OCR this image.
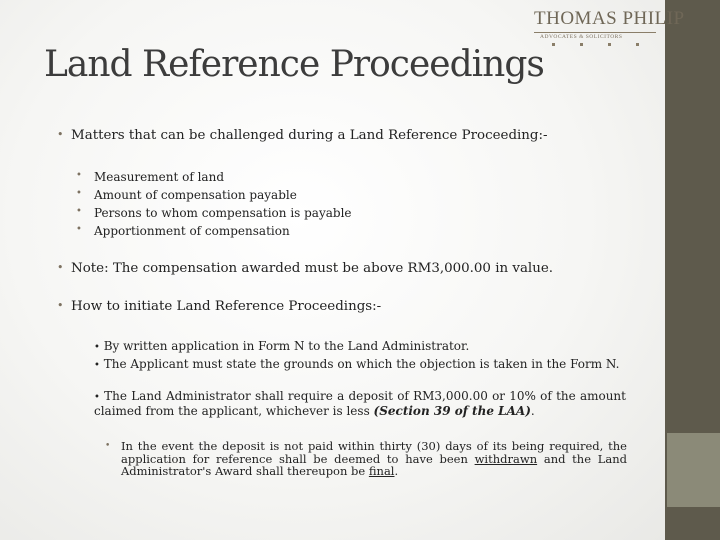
THOMAS PHILIP
ADVOCATES & SOLICITORS
Land Reference Proceedings
• Matters that can be challenged during a Land Reference Proceeding:-
• Measurement of land
• Amount of compensation payable
• Persons to whom compensation is payable
• Apportionment of compensation
• Note: The compensation awarded must be above RM3,000.00 in value.
• How to initiate Land Reference Proceedings:-
• By written application in Form N to the Land Administrator.
• The Applicant must state the grounds on which the objection is taken in the Form N.
• The Land Administrator shall require a deposit of RM3,000.00 or 10% of the amount claimed from the applicant, whichever is less (Section 39 of the LAA).
• In the event the deposit is not paid within thirty (30) days of its being required, the application for reference shall be deemed to have been withdrawn and the Land Administrator's Award shall thereupon be final.
